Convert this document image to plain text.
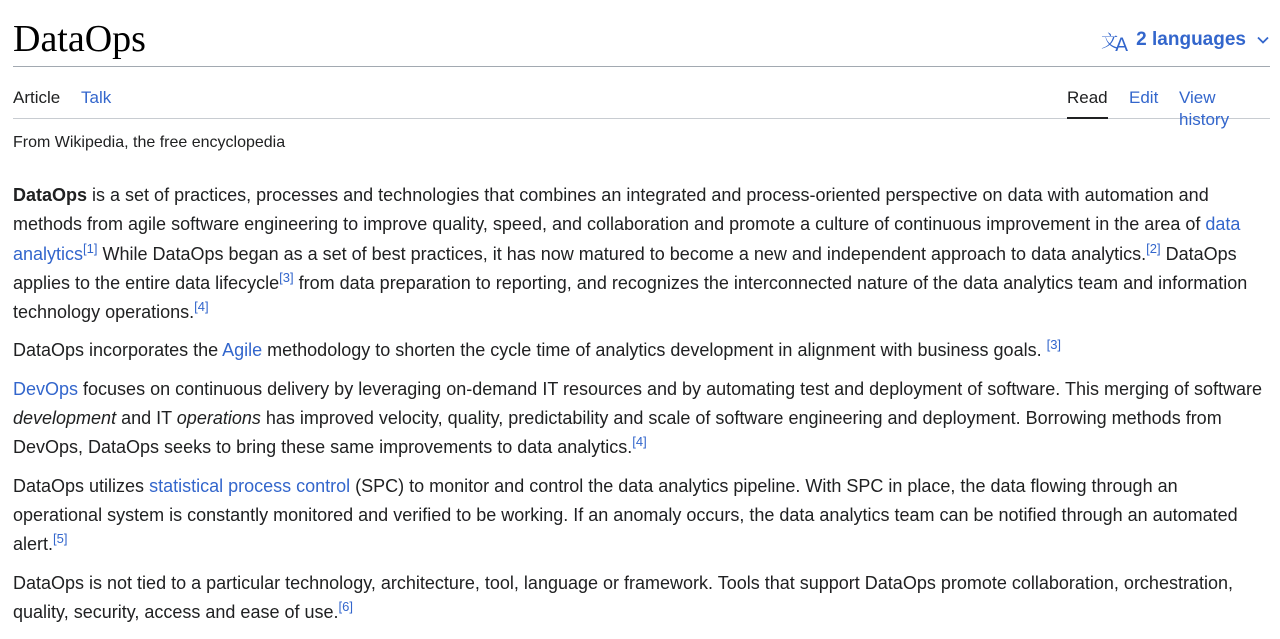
DataOps	文
A 2 languages
Article Talk	Read Edit View history
From Wikipedia, the free encyclopedia

DataOps is a set of practices, processes and technologies that combines an integrated and process-oriented perspective on data with automation and methods from agile software engineering to improve quality, speed, and collaboration and promote a culture of continuous improvement in the area of data analytics[1] While DataOps began as a set of best practices, it has now matured to become a new and independent approach to data analytics.[2] DataOps applies to the entire data lifecycle[3] from data preparation to reporting, and recognizes the interconnected nature of the data analytics team and information technology operations.[4]

DataOps incorporates the Agile methodology to shorten the cycle time of analytics development in alignment with business goals. [3]

DevOps focuses on continuous delivery by leveraging on-demand IT resources and by automating test and deployment of software. This merging of software development and IT operations has improved velocity, quality, predictability and scale of software engineering and deployment. Borrowing methods from DevOps, DataOps seeks to bring these same improvements to data analytics.[4]

DataOps utilizes statistical process control (SPC) to monitor and control the data analytics pipeline. With SPC in place, the data flowing through an operational system is constantly monitored and verified to be working. If an anomaly occurs, the data analytics team can be notified through an automated alert.[5]

DataOps is not tied to a particular technology, architecture, tool, language or framework. Tools that support DataOps promote collaboration, orchestration, quality, security, access and ease of use.[6]
